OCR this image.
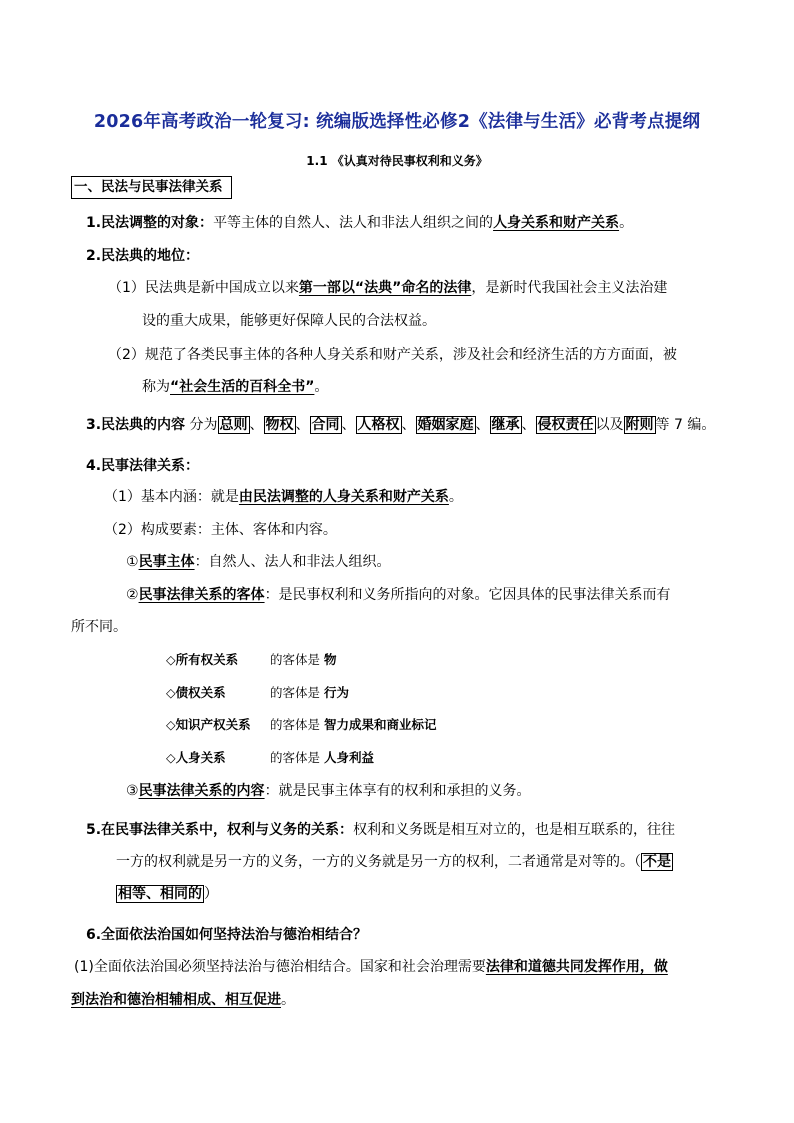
2026年高考政治一轮复习: 统编版选择性必修2《法律与生活》必背考点提纲
1.1 《认真对待民事权利和义务》
一、民法与民事法律关系
1.民法调整的对象：平等主体的自然人、法人和非法人组织之间的人身关系和财产关系。
2.民法典的地位：
（1）民法典是新中国成立以来第一部以“法典”命名的法律，是新时代我国社会主义法治建
设的重大成果，能够更好保障人民的合法权益。
（2）规范了各类民事主体的各种人身关系和财产关系，涉及社会和经济生活的方方面面，被
称为“社会生活的百科全书”。
3.民法典的内容 分为 总则 、 物权 、 合同 、 人格权 、 婚姻家庭 、 继承 、 侵权责任 以及 附则 等 7 编。
4.民事法律关系：
（1）基本内涵：就是由民法调整的人身关系和财产关系。
（2）构成要素：主体、客体和内容。
①民事主体：自然人、法人和非法人组织。
②民事法律关系的客体：是民事权利和义务所指向的对象。它因具体的民事法律关系而有
所不同。
◇所有权关系	的客体是 物
◇债权关系	的客体是 行为
◇知识产权关系 的客体是 智力成果和商业标记
◇人身关系	的客体是 人身利益
③民事法律关系的内容：就是民事主体享有的权利和承担的义务。
5.在民事法律关系中，权利与义务的关系：权利和义务既是相互对立的，也是相互联系的，往往
一方的权利就是另一方的义务，一方的义务就是另一方的权利，二者通常是对等的。（ 不是
相等、相同的 ）
6.全面依法治国如何坚持法治与德治相结合？
(1)全面依法治国必须坚持法治与德治相结合。国家和社会治理需要法律和道德共同发挥作用，做
到法治和德治相辅相成、相互促进。
